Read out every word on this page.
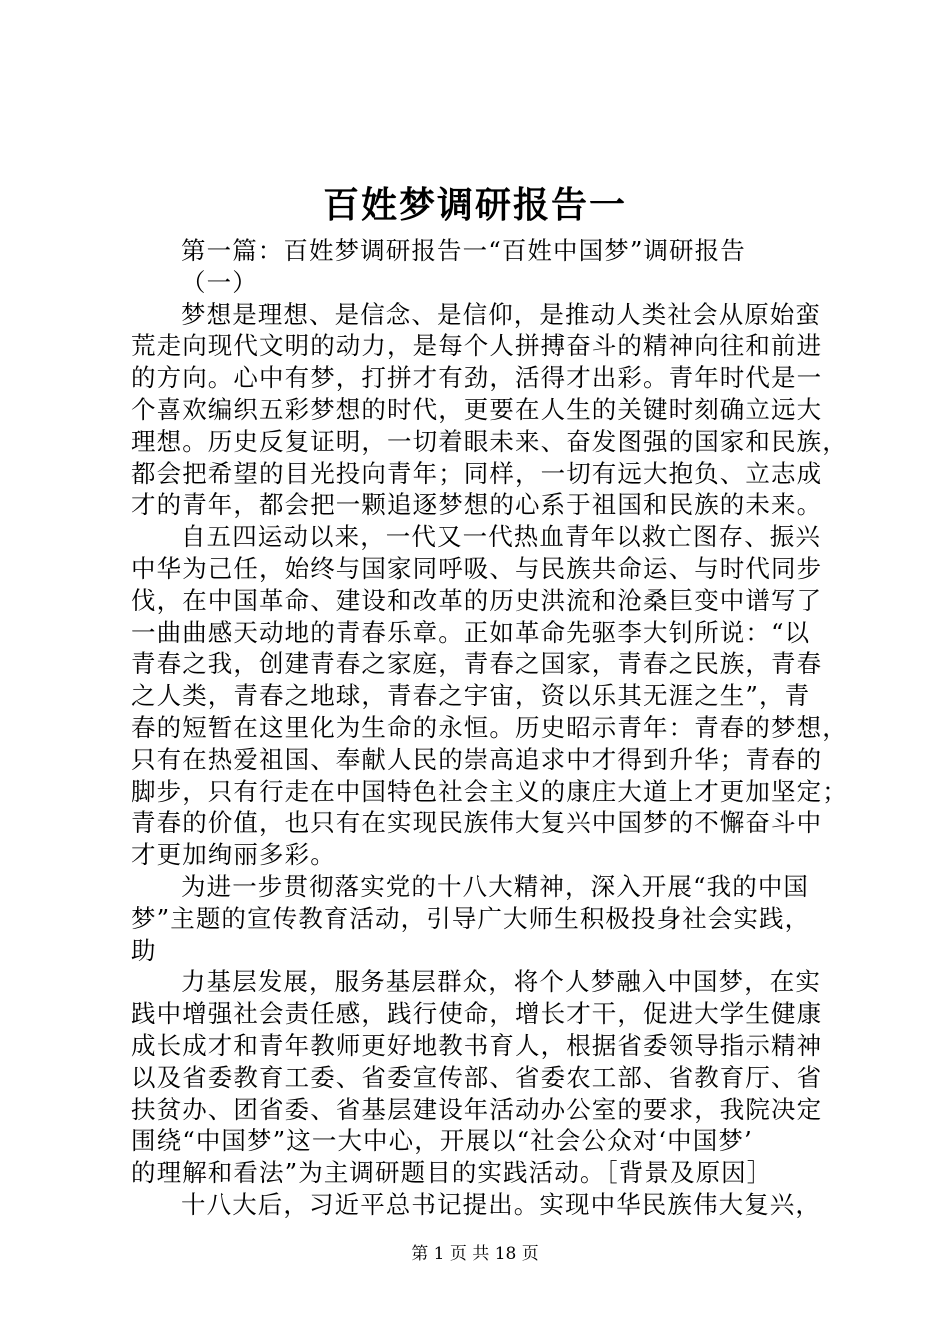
百姓梦调研报告一
第一篇：百姓梦调研报告一“百姓中国梦”调研报告
（一）
梦想是理想、是信念、是信仰，是推动人类社会从原始蛮
荒走向现代文明的动力，是每个人拼搏奋斗的精神向往和前进
的方向。心中有梦，打拼才有劲，活得才出彩。青年时代是一
个喜欢编织五彩梦想的时代，更要在人生的关键时刻确立远大
理想。历史反复证明，一切着眼未来、奋发图强的国家和民族，
都会把希望的目光投向青年；同样，一切有远大抱负、立志成
才的青年，都会把一颗追逐梦想的心系于祖国和民族的未来。
自五四运动以来，一代又一代热血青年以救亡图存、振兴
中华为己任，始终与国家同呼吸、与民族共命运、与时代同步
伐，在中国革命、建设和改革的历史洪流和沧桑巨变中谱写了
一曲曲感天动地的青春乐章。正如革命先驱李大钊所说：“以
青春之我，创建青春之家庭，青春之国家，青春之民族，青春
之人类，青春之地球，青春之宇宙，资以乐其无涯之生”，青
春的短暂在这里化为生命的永恒。历史昭示青年：青春的梦想，
只有在热爱祖国、奉献人民的崇高追求中才得到升华；青春的
脚步，只有行走在中国特色社会主义的康庄大道上才更加坚定；
青春的价值，也只有在实现民族伟大复兴中国梦的不懈奋斗中
才更加绚丽多彩。
为进一步贯彻落实党的十八大精神，深入开展“我的中国
梦”主题的宣传教育活动，引导广大师生积极投身社会实践，
助
力基层发展，服务基层群众，将个人梦融入中国梦，在实
践中增强社会责任感，践行使命，增长才干，促进大学生健康
成长成才和青年教师更好地教书育人，根据省委领导指示精神
以及省委教育工委、省委宣传部、省委农工部、省教育厅、省
扶贫办、团省委、省基层建设年活动办公室的要求，我院决定
围绕“中国梦”这一大中心，开展以“社会公众对‘中国梦’
的理解和看法”为主调研题目的实践活动。［背景及原因］
十八大后，习近平总书记提出。实现中华民族伟大复兴，
第 1 页 共 18 页
